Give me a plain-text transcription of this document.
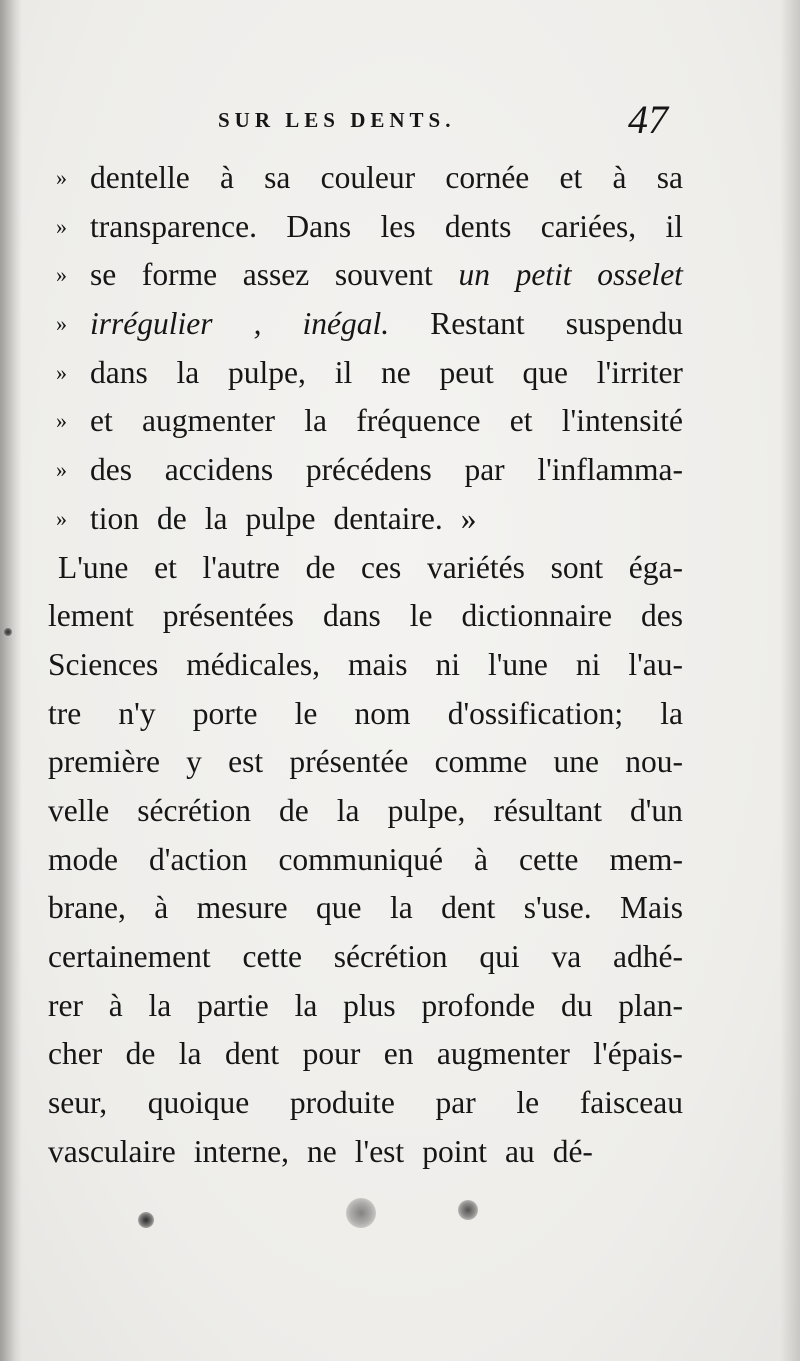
SUR LES DENTS.	47
» dentelle à sa couleur cornée et à sa
» transparence. Dans les dents cariées, il
» se forme assez souvent un petit osselet
» irrégulier , inégal. Restant suspendu
» dans la pulpe, il ne peut que l'irriter
» et augmenter la fréquence et l'intensité
» des accidens précédens par l'inflamma-
» tion de la pulpe dentaire. »
L'une et l'autre de ces variétés sont éga-
lement présentées dans le dictionnaire des
Sciences médicales, mais ni l'une ni l'au-
tre n'y porte le nom d'ossification; la
première y est présentée comme une nou-
velle sécrétion de la pulpe, résultant d'un
mode d'action communiqué à cette mem-
brane, à mesure que la dent s'use. Mais
certainement cette sécrétion qui va adhé-
rer à la partie la plus profonde du plan-
cher de la dent pour en augmenter l'épais-
seur, quoique produite par le faisceau
vasculaire interne, ne l'est point au dé-
